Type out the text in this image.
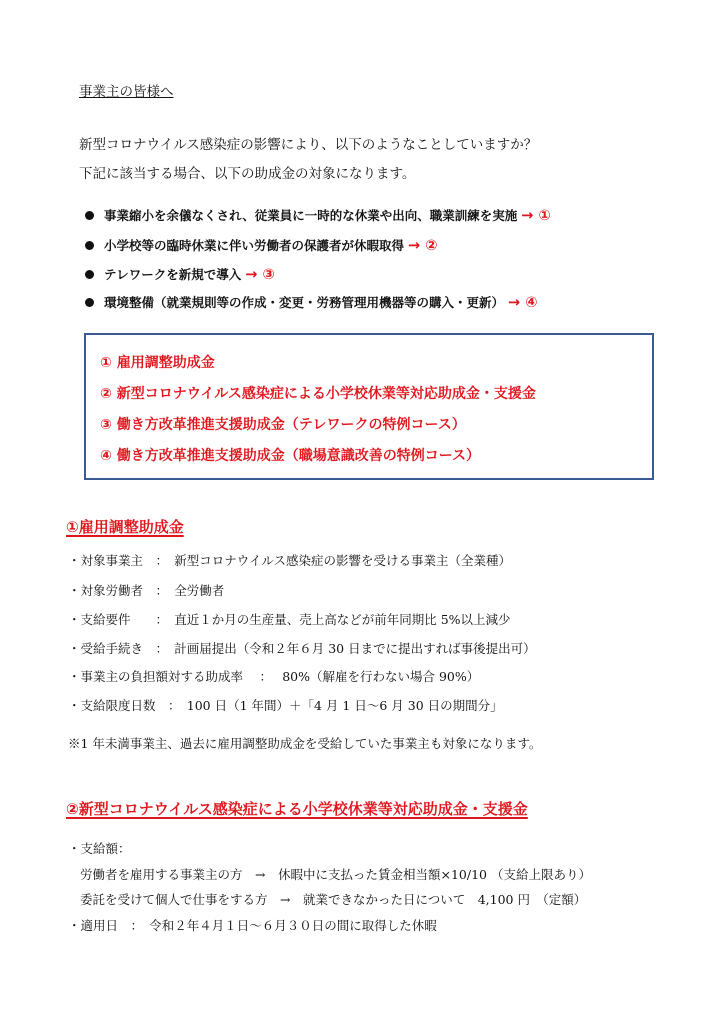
事業主の皆様へ
新型コロナウイルス感染症の影響により、以下のようなことしていますか？
下記に該当する場合、以下の助成金の対象になります。
事業縮小を余儀なくされ、従業員に一時的な休業や出向、職業訓練を実施 → ①
小学校等の臨時休業に伴い労働者の保護者が休暇取得 → ②
テレワークを新規で導入 → ③
環境整備（就業規則等の作成・変更・労務管理用機器等の購入・更新） → ④
① 雇用調整助成金
② 新型コロナウイルス感染症による小学校休業等対応助成金・支援金
③ 働き方改革推進支援助成金（テレワークの特例コース）
④ 働き方改革推進支援助成金（職場意識改善の特例コース）
①雇用調整助成金
・対象事業主　：　新型コロナウイルス感染症の影響を受ける事業主（全業種）
・対象労働者　：　全労働者
・支給要件　　：　直近１か月の生産量、売上高などが前年同期比 5%以上減少
・受給手続き　：　計画届提出（令和２年６月 30 日までに提出すれば事後提出可）
・事業主の負担額対する助成率　 ：　 80%（解雇を行わない場合 90%）
・支給限度日数　：　100 日（1 年間）＋「4 月 1 日～6 月 30 日の期間分」
※1 年未満事業主、過去に雇用調整助成金を受給していた事業主も対象になります。
②新型コロナウイルス感染症による小学校休業等対応助成金・支援金
・支給額：
労働者を雇用する事業主の方　→　休暇中に支払った賃金相当額×10/10 （支給上限あり）
委託を受けて個人で仕事をする方　→　就業できなかった日について　4,100 円　（定額）
・適用日　：　令和２年４月１日～６月３０日の間に取得した休暇
